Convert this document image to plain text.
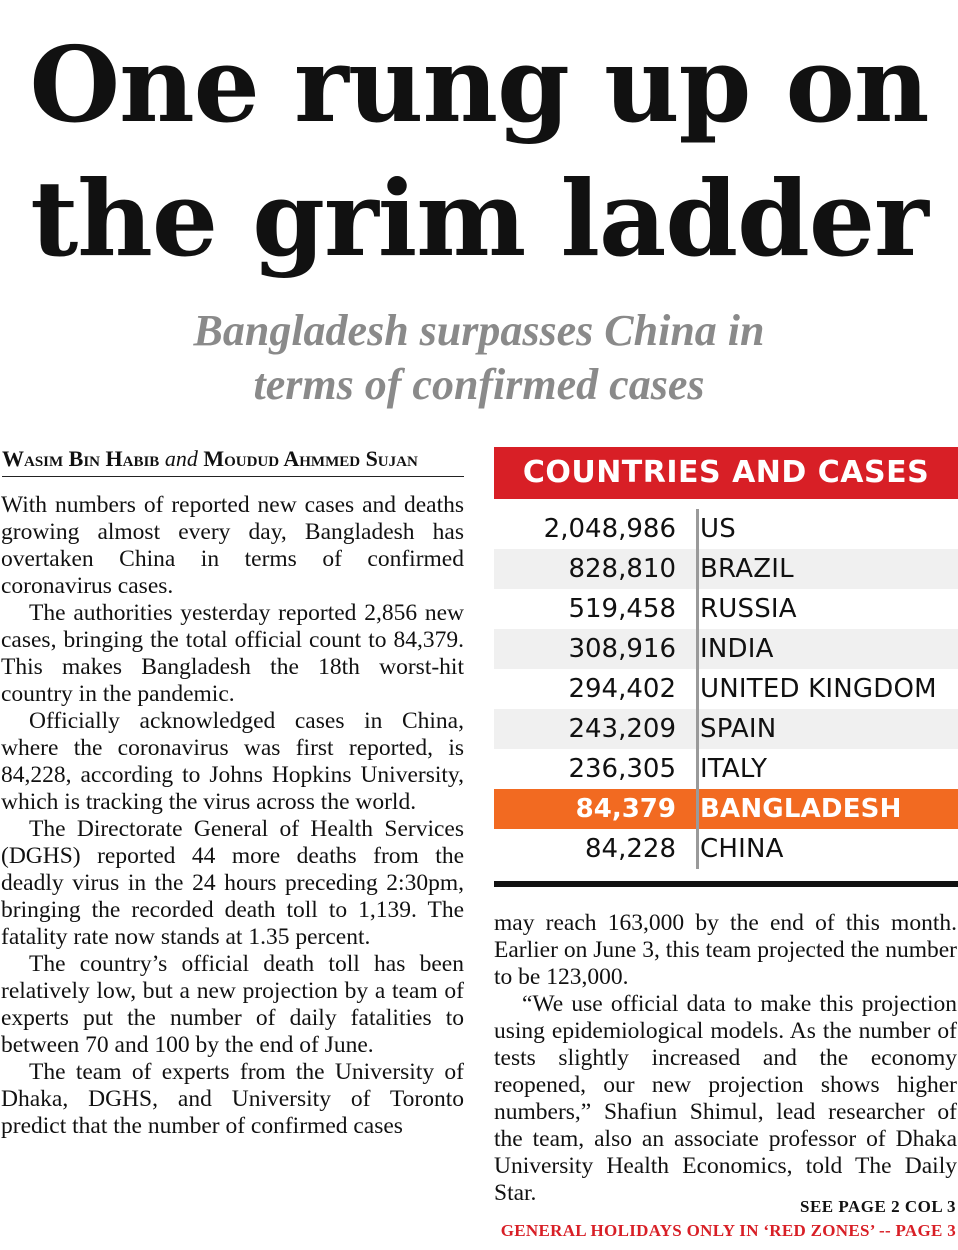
One rung up on
the grim ladder
Bangladesh surpasses China in
terms of confirmed cases
Wasim Bin Habib and Moudud Ahmmed Sujan

With numbers of reported new cases and deaths growing almost every day, Bangladesh has overtaken China in terms of confirmed coronavirus cases.

The authorities yesterday reported 2,856 new cases, bringing the total official count to 84,379. This makes Bangladesh the 18th worst-hit country in the pandemic.

Officially acknowledged cases in China, where the coronavirus was first reported, is 84,228, according to Johns Hopkins University, which is tracking the virus across the world.

The Directorate General of Health Services (DGHS) reported 44 more deaths from the deadly virus in the 24 hours preceding 2:30pm, bringing the recorded death toll to 1,139. The fatality rate now stands at 1.35 percent.

The country’s official death toll has been relatively low, but a new projection by a team of experts put the number of daily fatalities to between 70 and 100 by the end of June.

The team of experts from the University of Dhaka, DGHS, and University of Toronto predict that the number of confirmed cases

COUNTRIES AND CASES
2,048,986 US
828,810 BRAZIL
519,458 RUSSIA
308,916 INDIA
294,402 UNITED KINGDOM
243,209 SPAIN
236,305 ITALY
84,379 BANGLADESH
84,228 CHINA

may reach 163,000 by the end of this month. Earlier on June 3, this team projected the number to be 123,000.

“We use official data to make this projection using epidemiological models. As the number of tests slightly increased and the economy reopened, our new projection shows higher numbers,” Shafiun Shimul, lead researcher of the team, also an associate professor of Dhaka University Health Economics, told The Daily Star.

SEE PAGE 2 COL 3
GENERAL HOLIDAYS ONLY IN ‘RED ZONES’ -- PAGE 3
